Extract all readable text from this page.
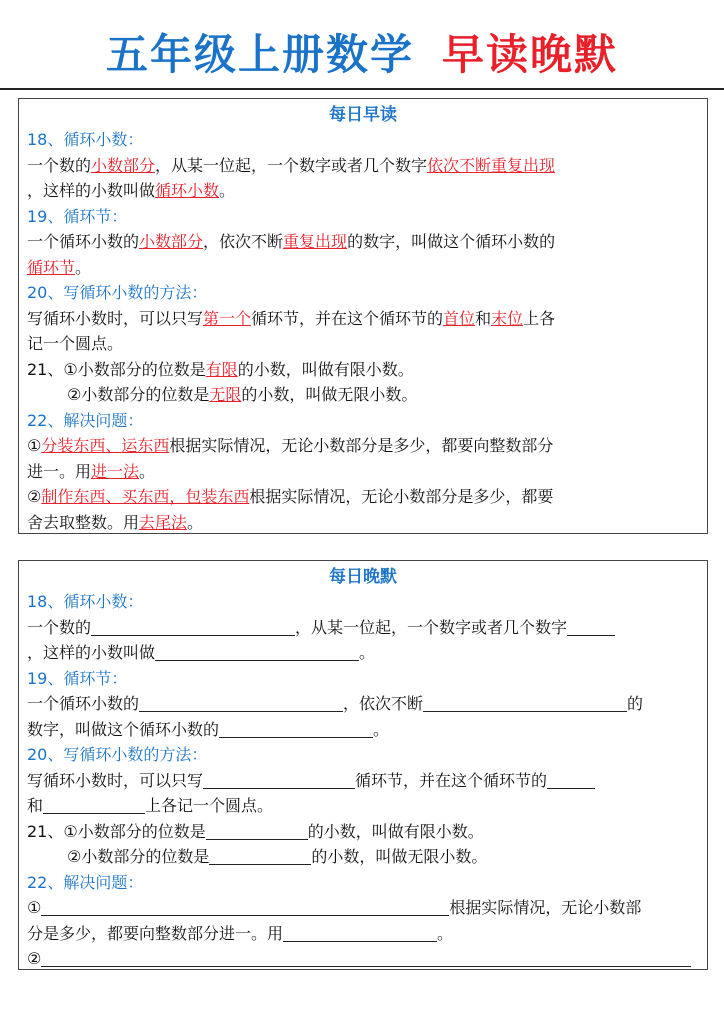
五年级上册数学 早读晚默
每日早读
18、循环小数：
一个数的小数部分，从某一位起，一个数字或者几个数字依次不断重复出现
，这样的小数叫做循环小数。
19、循环节：
一个循环小数的小数部分，依次不断重复出现的数字，叫做这个循环小数的
循环节。
20、写循环小数的方法：
写循环小数时，可以只写第一个循环节，并在这个循环节的首位和末位上各
记一个圆点。
21、①小数部分的位数是有限的小数，叫做有限小数。
②小数部分的位数是无限的小数，叫做无限小数。
22、解决问题：
①分装东西、运东西根据实际情况，无论小数部分是多少，都要向整数部分
进一。用进一法。
②制作东西、买东西，包装东西根据实际情况，无论小数部分是多少，都要
舍去取整数。用去尾法。
每日晚默
18、循环小数：
一个数的	，从某一位起，一个数字或者几个数字
，这样的小数叫做	。
19、循环节：
一个循环小数的	，依次不断	的
数字，叫做这个循环小数的	。
20、写循环小数的方法：
写循环小数时，可以只写	循环节，并在这个循环节的
和	上各记一个圆点。
21、①小数部分的位数是	的小数，叫做有限小数。
②小数部分的位数是	的小数，叫做无限小数。
22、解决问题：
①	根据实际情况，无论小数部
分是多少，都要向整数部分进一。用	。
②
